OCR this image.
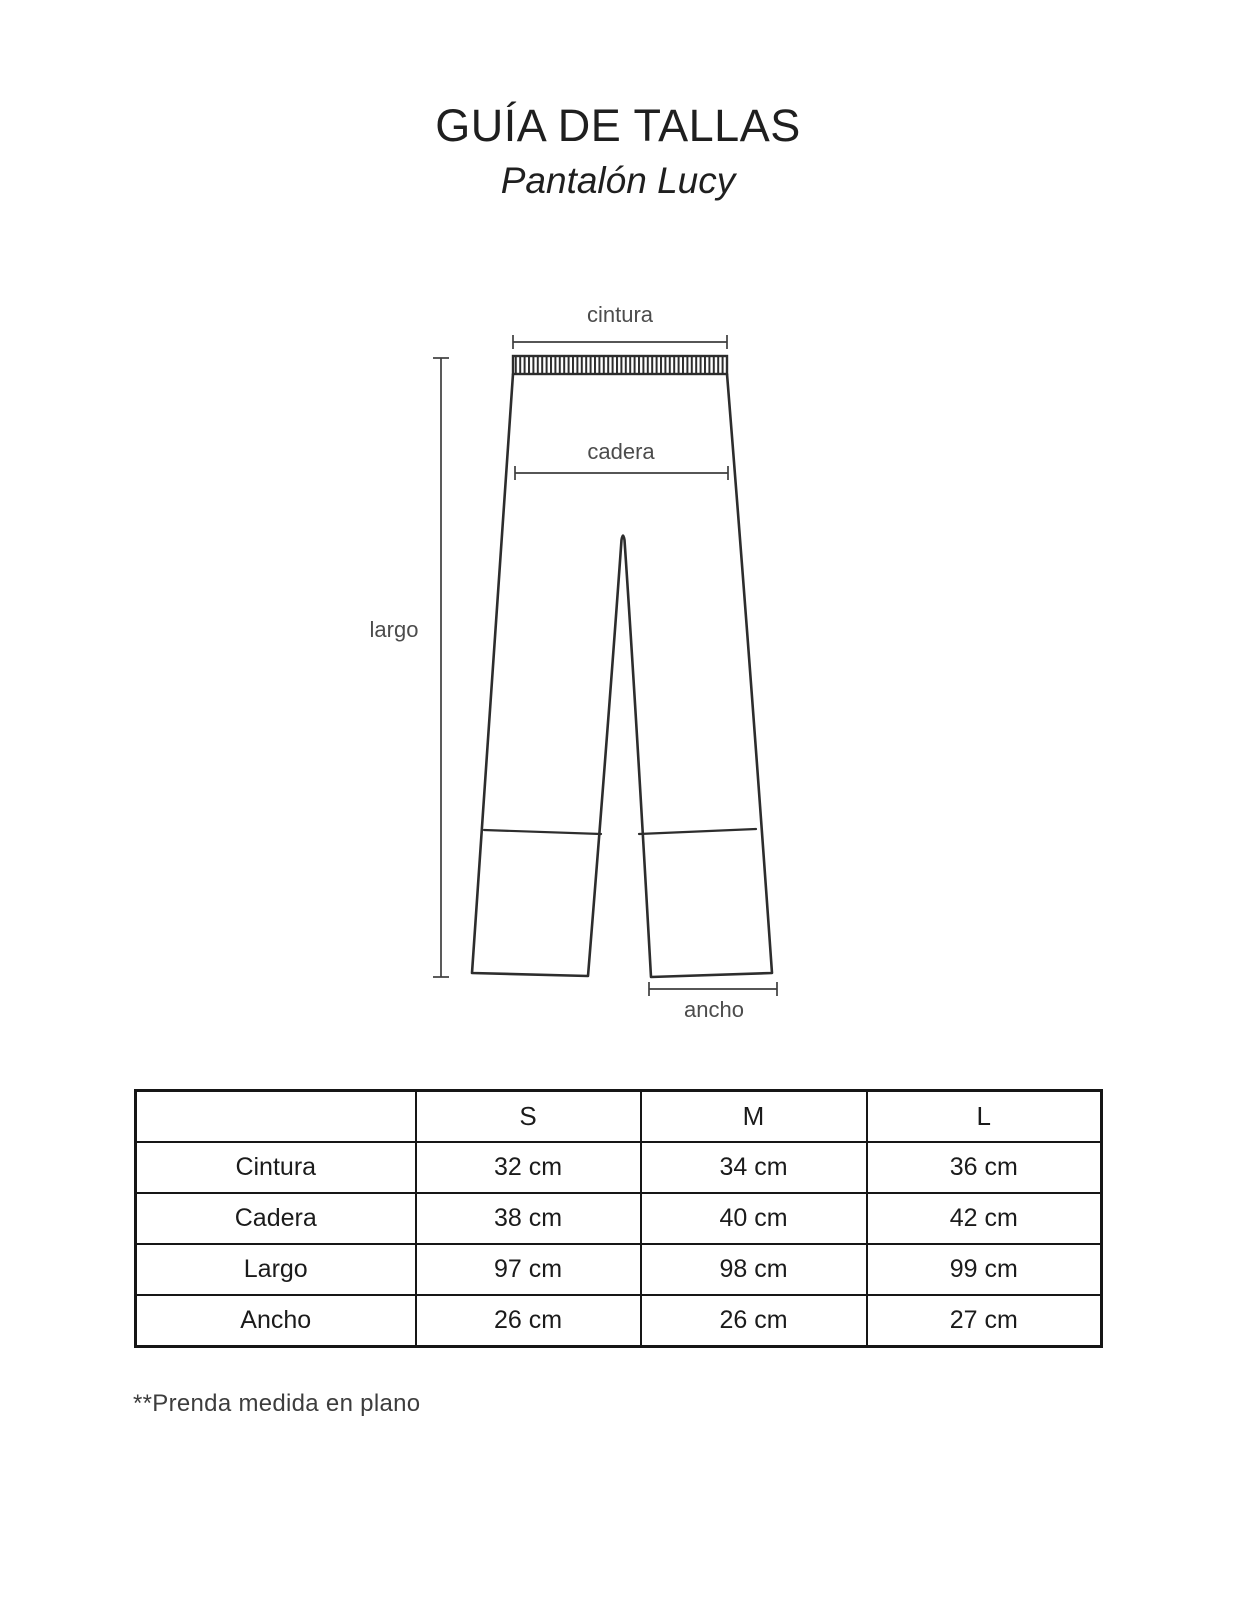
GUÍA DE TALLAS
Pantalón Lucy
cintura
cadera
largo
ancho
	S	M	L
Cintura	32 cm	34 cm	36 cm
Cadera	38 cm	40 cm	42 cm
Largo	97 cm	98 cm	99 cm
Ancho	26 cm	26 cm	27 cm
**Prenda medida en plano
